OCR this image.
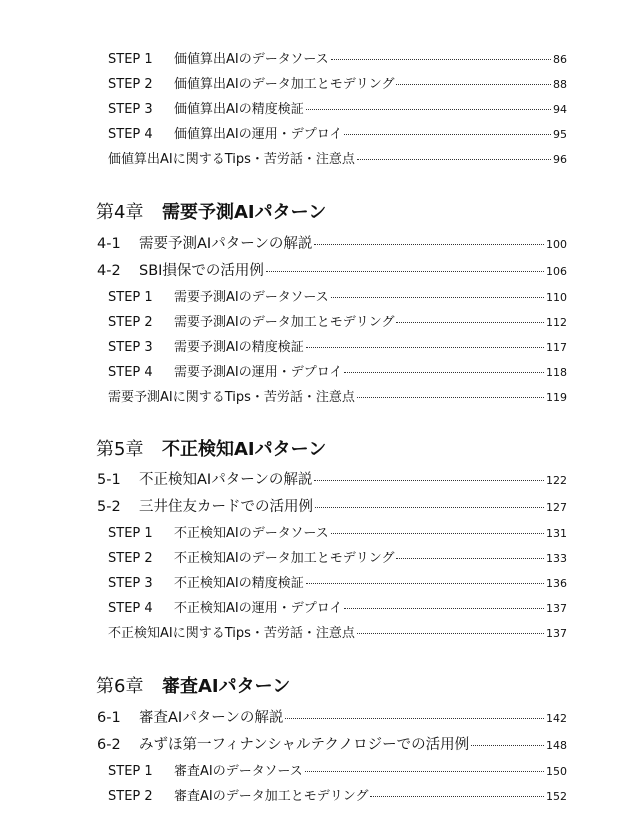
STEP 1 価値算出AIのデータソース	86
STEP 2 価値算出AIのデータ加工とモデリング	88
STEP 3 価値算出AIの精度検証	94
STEP 4 価値算出AIの運用・デプロイ	95
価値算出AIに関するTips・苦労話・注意点	96
第4章 需要予測AIパターン
4-1 需要予測AIパターンの解説	100
4-2 SBI損保での活用例	106
STEP 1 需要予測AIのデータソース	110
STEP 2 需要予測AIのデータ加工とモデリング	112
STEP 3 需要予測AIの精度検証	117
STEP 4 需要予測AIの運用・デプロイ	118
需要予測AIに関するTips・苦労話・注意点	119
第5章 不正検知AIパターン
5-1 不正検知AIパターンの解説	122
5-2 三井住友カードでの活用例	127
STEP 1 不正検知AIのデータソース	131
STEP 2 不正検知AIのデータ加工とモデリング	133
STEP 3 不正検知AIの精度検証	136
STEP 4 不正検知AIの運用・デプロイ	137
不正検知AIに関するTips・苦労話・注意点	137
第6章 審査AIパターン
6-1 審査AIパターンの解説	142
6-2 みずほ第一フィナンシャルテクノロジーでの活用例	148
STEP 1 審査AIのデータソース	150
STEP 2 審査AIのデータ加工とモデリング	152
